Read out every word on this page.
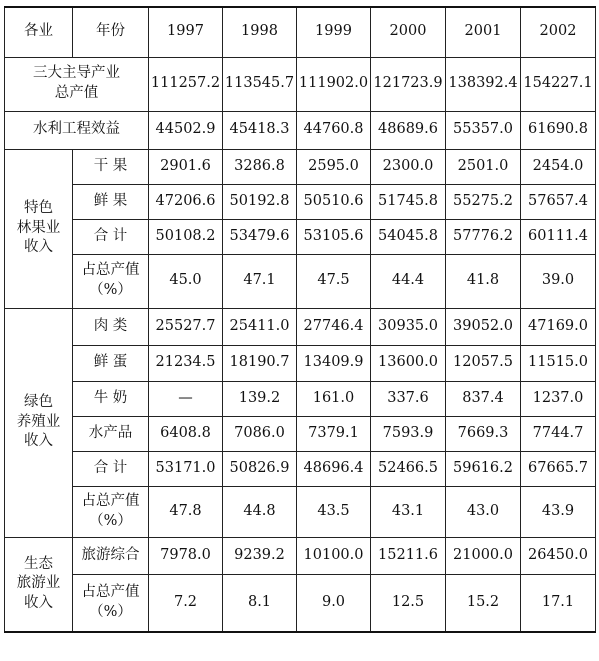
各业	年份	1997	1998	1999	2000	2001	2002
三大主导产业
总产值		111257.2	113545.7	111902.0	121723.9	138392.4	154227.1
水利工程效益		44502.9	45418.3	44760.8	48689.6	55357.0	61690.8
特色
林果业
收入	干 果	2901.6	3286.8	2595.0	2300.0	2501.0	2454.0
	鲜 果	47206.6	50192.8	50510.6	51745.8	55275.2	57657.4
	合 计	50108.2	53479.6	53105.6	54045.8	57776.2	60111.4
	占总产值
（%）	45.0	47.1	47.5	44.4	41.8	39.0
绿色
养殖业
收入	肉 类	25527.7	25411.0	27746.4	30935.0	39052.0	47169.0
	鲜 蛋	21234.5	18190.7	13409.9	13600.0	12057.5	11515.0
	牛 奶	—	139.2	161.0	337.6	837.4	1237.0
	水产品	6408.8	7086.0	7379.1	7593.9	7669.3	7744.7
	合 计	53171.0	50826.9	48696.4	52466.5	59616.2	67665.7
	占总产值
（%）	47.8	44.8	43.5	43.1	43.0	43.9
生态
旅游业
收入	旅游综合	7978.0	9239.2	10100.0	15211.6	21000.0	26450.0
	占总产值
（%）	7.2	8.1	9.0	12.5	15.2	17.1
